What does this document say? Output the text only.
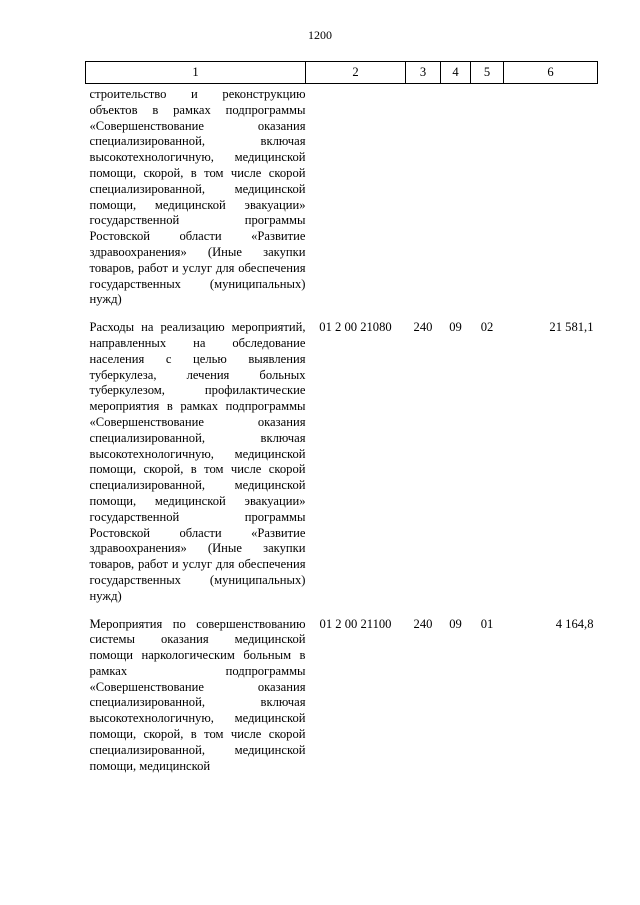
1200
1	2	3	4	5	6
строительство и реконструкцию объектов в рамках подпрограммы «Совершенствование оказания специализированной, включая высокотехнологичную, медицинской помощи, скорой, в том числе скорой специализированной, медицинской помощи, медицинской эвакуации» государственной программы Ростовской области «Развитие здравоохранения» (Иные закупки товаров, работ и услуг для обеспечения государственных (муниципальных) нужд)					
Расходы на реализацию мероприятий, направленных на обследование населения с целью выявления туберкулеза, лечения больных туберкулезом, профилактические мероприятия в рамках подпрограммы «Совершенствование оказания специализированной, включая высокотехнологичную, медицинской помощи, скорой, в том числе скорой специализированной, медицинской помощи, медицинской эвакуации» государственной программы Ростовской области «Развитие здравоохранения» (Иные закупки товаров, работ и услуг для обеспечения государственных (муниципальных) нужд)	01 2 00 21080	240	09	02	21 581,1
Мероприятия по совершенствованию системы оказания медицинской помощи наркологическим больным в рамках подпрограммы «Совершенствование оказания специализированной, включая высокотехнологичную, медицинской помощи, скорой, в том числе скорой специализированной, медицинской помощи, медицинской	01 2 00 21100	240	09	01	4 164,8
